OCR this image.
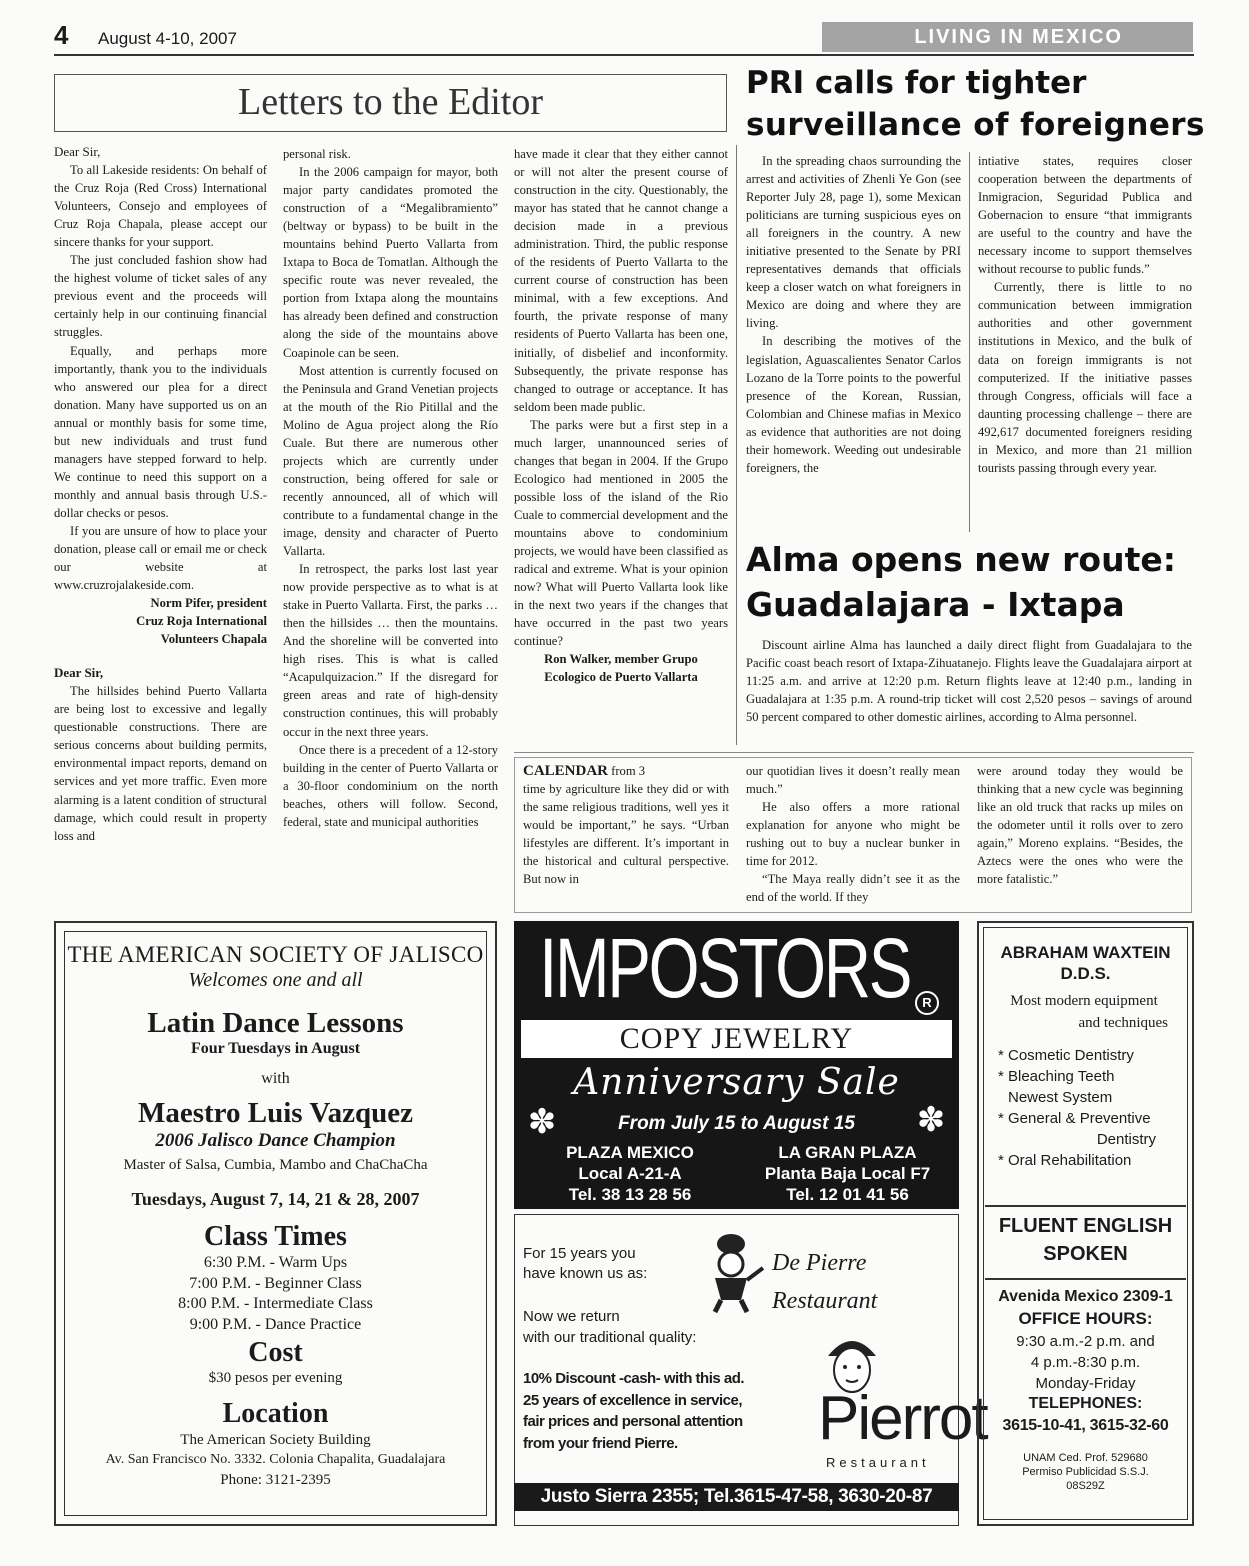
4 August 4-10, 2007	LIVING IN MEXICO
Letters to the Editor

Dear Sir,

To all Lakeside residents: On behalf of the Cruz Roja (Red Cross) International Volunteers, Consejo and employees of Cruz Roja Chapala, please accept our sincere thanks for your support.

The just concluded fashion show had the highest volume of ticket sales of any previous event and the proceeds will certainly help in our continuing financial struggles.

Equally, and perhaps more importantly, thank you to the individuals who answered our plea for a direct donation. Many have supported us on an annual or monthly basis for some time, but new individuals and trust fund managers have stepped forward to help. We continue to need this support on a monthly and annual basis through U.S.-dollar checks or pesos.

If you are unsure of how to place your donation, please call or email me or check our website at www.cruzrojalakeside.com.

Norm Pifer, president
Cruz Roja International
Volunteers Chapala

Dear Sir,

The hillsides behind Puerto Vallarta are being lost to excessive and legally questionable constructions. There are serious concerns about building permits, environmental impact reports, demand on services and yet more traffic. Even more alarming is a latent condition of structural damage, which could result in property loss and

personal risk.

In the 2006 campaign for mayor, both major party candidates promoted the construction of a “Megalibramiento” (beltway or bypass) to be built in the mountains behind Puerto Vallarta from Ixtapa to Boca de Tomatlan. Although the specific route was never revealed, the portion from Ixtapa along the mountains has already been defined and construction along the side of the mountains above Coapinole can be seen.

Most attention is currently focused on the Peninsula and Grand Venetian projects at the mouth of the Rio Pitillal and the Molino de Agua project along the Río Cuale. But there are numerous other projects which are currently under construction, being offered for sale or recently announced, all of which will contribute to a fundamental change in the image, density and character of Puerto Vallarta.

In retrospect, the parks lost last year now provide perspective as to what is at stake in Puerto Vallarta. First, the parks … then the hillsides … then the mountains. And the shoreline will be converted into high rises. This is what is called “Acapulquizacion.” If the disregard for green areas and rate of high-density construction continues, this will probably occur in the next three years.

Once there is a precedent of a 12-story building in the center of Puerto Vallarta or a 30-floor condominium on the north beaches, others will follow. Second, federal, state and municipal authorities

have made it clear that they either cannot or will not alter the present course of construction in the city. Questionably, the mayor has stated that he cannot change a decision made in a previous administration. Third, the public response of the residents of Puerto Vallarta to the current course of construction has been minimal, with a few exceptions. And fourth, the private response of many residents of Puerto Vallarta has been one, initially, of disbelief and inconformity. Subsequently, the private response has changed to outrage or acceptance. It has seldom been made public.

The parks were but a first step in a much larger, unannounced series of changes that began in 2004. If the Grupo Ecologico had mentioned in 2005 the possible loss of the island of the Rio Cuale to commercial development and the mountains above to condominium projects, we would have been classified as radical and extreme. What is your opinion now? What will Puerto Vallarta look like in the next two years if the changes that have occurred in the past two years continue?

Ron Walker, member Grupo
Ecologico de Puerto Vallarta
PRI calls for tighter
surveillance of foreigners

In the spreading chaos surrounding the arrest and activities of Zhenli Ye Gon (see Reporter July 28, page 1), some Mexican politicians are turning suspicious eyes on all foreigners in the country. A new initiative presented to the Senate by PRI representatives demands that officials keep a closer watch on what foreigners in Mexico are doing and where they are living.

In describing the motives of the legislation, Aguascalientes Senator Carlos Lozano de la Torre points to the powerful presence of the Korean, Russian, Colombian and Chinese mafias in Mexico as evidence that authorities are not doing their homework. Weeding out undesirable foreigners, the

intiative states, requires closer cooperation between the departments of Inmigracion, Seguridad Publica and Gobernacion to ensure “that immigrants are useful to the country and have the necessary income to support themselves without recourse to public funds.”

Currently, there is little to no communication between immigration authorities and other government institutions in Mexico, and the bulk of data on foreign immigrants is not computerized. If the initiative passes through Congress, officials will face a daunting processing challenge – there are 492,617 documented foreigners residing in Mexico, and more than 21 million tourists passing through every year.

Alma opens new route:
Guadalajara - Ixtapa

Discount airline Alma has launched a daily direct flight from Guadalajara to the Pacific coast beach resort of Ixtapa-Zihuatanejo. Flights leave the Guadalajara airport at 11:25 a.m. and arrive at 12:20 p.m. Return flights leave at 12:40 p.m., landing in Guadalajara at 1:35 p.m. A round-trip ticket will cost 2,520 pesos – savings of around 50 percent compared to other domestic airlines, according to Alma personnel.

CALENDAR from 3

time by agriculture like they did or with the same religious traditions, well yes it would be important,” he says. “Urban lifestyles are different. It’s important in the historical and cultural perspective. But now in

our quotidian lives it doesn’t really mean much.”

He also offers a more rational explanation for anyone who might be rushing out to buy a nuclear bunker in time for 2012.

“The Maya really didn’t see it as the end of the world. If they

were around today they would be thinking that a new cycle was beginning like an old truck that racks up miles on the odometer until it rolls over to zero again,” Moreno explains. “Besides, the Aztecs were the ones who were the more fatalistic.”

THE AMERICAN SOCIETY OF JALISCO
Welcomes one and all
Latin Dance Lessons
Four Tuesdays in August
with
Maestro Luis Vazquez
2006 Jalisco Dance Champion
Master of Salsa, Cumbia, Mambo and ChaChaCha
Tuesdays, August 7, 14, 21 & 28, 2007
Class Times
6:30 P.M. - Warm Ups
7:00 P.M. - Beginner Class
8:00 P.M. - Intermediate Class
9:00 P.M. - Dance Practice
Cost
$30 pesos per evening
Location
The American Society Building
Av. San Francisco No. 3332. Colonia Chapalita, Guadalajara
Phone: 3121-2395
IMPOSTORS R
COPY JEWELRY
Anniversary Sale
✽	✽
From July 15 to August 15
PLAZA MEXICO
Local A-21-A
Tel. 38 13 28 56
LA GRAN PLAZA
Planta Baja Local F7
Tel. 12 01 41 56
For 15 years you
have known us as:	De Pierre
Restaurant
Now we return
with our traditional quality:
10% Discount -cash- with this ad.
25 years of excellence in service,
fair prices and personal attention
from your friend Pierre.	Pierrot
Restaurant
Justo Sierra 2355; Tel.3615-47-58, 3630-20-87
ABRAHAM WAXTEIN
D.D.S.
Most modern equipment
and techniques
* Cosmetic Dentistry
* Bleaching Teeth
Newest System
* General & Preventive
Dentistry
* Oral Rehabilitation
FLUENT ENGLISH
SPOKEN
Avenida Mexico 2309-1
OFFICE HOURS:
9:30 a.m.-2 p.m. and
4 p.m.-8:30 p.m.
Monday-Friday
TELEPHONES:
3615-10-41, 3615-32-60
UNAM Ced. Prof. 529680
Permiso Publicidad S.S.J.
08S29Z
